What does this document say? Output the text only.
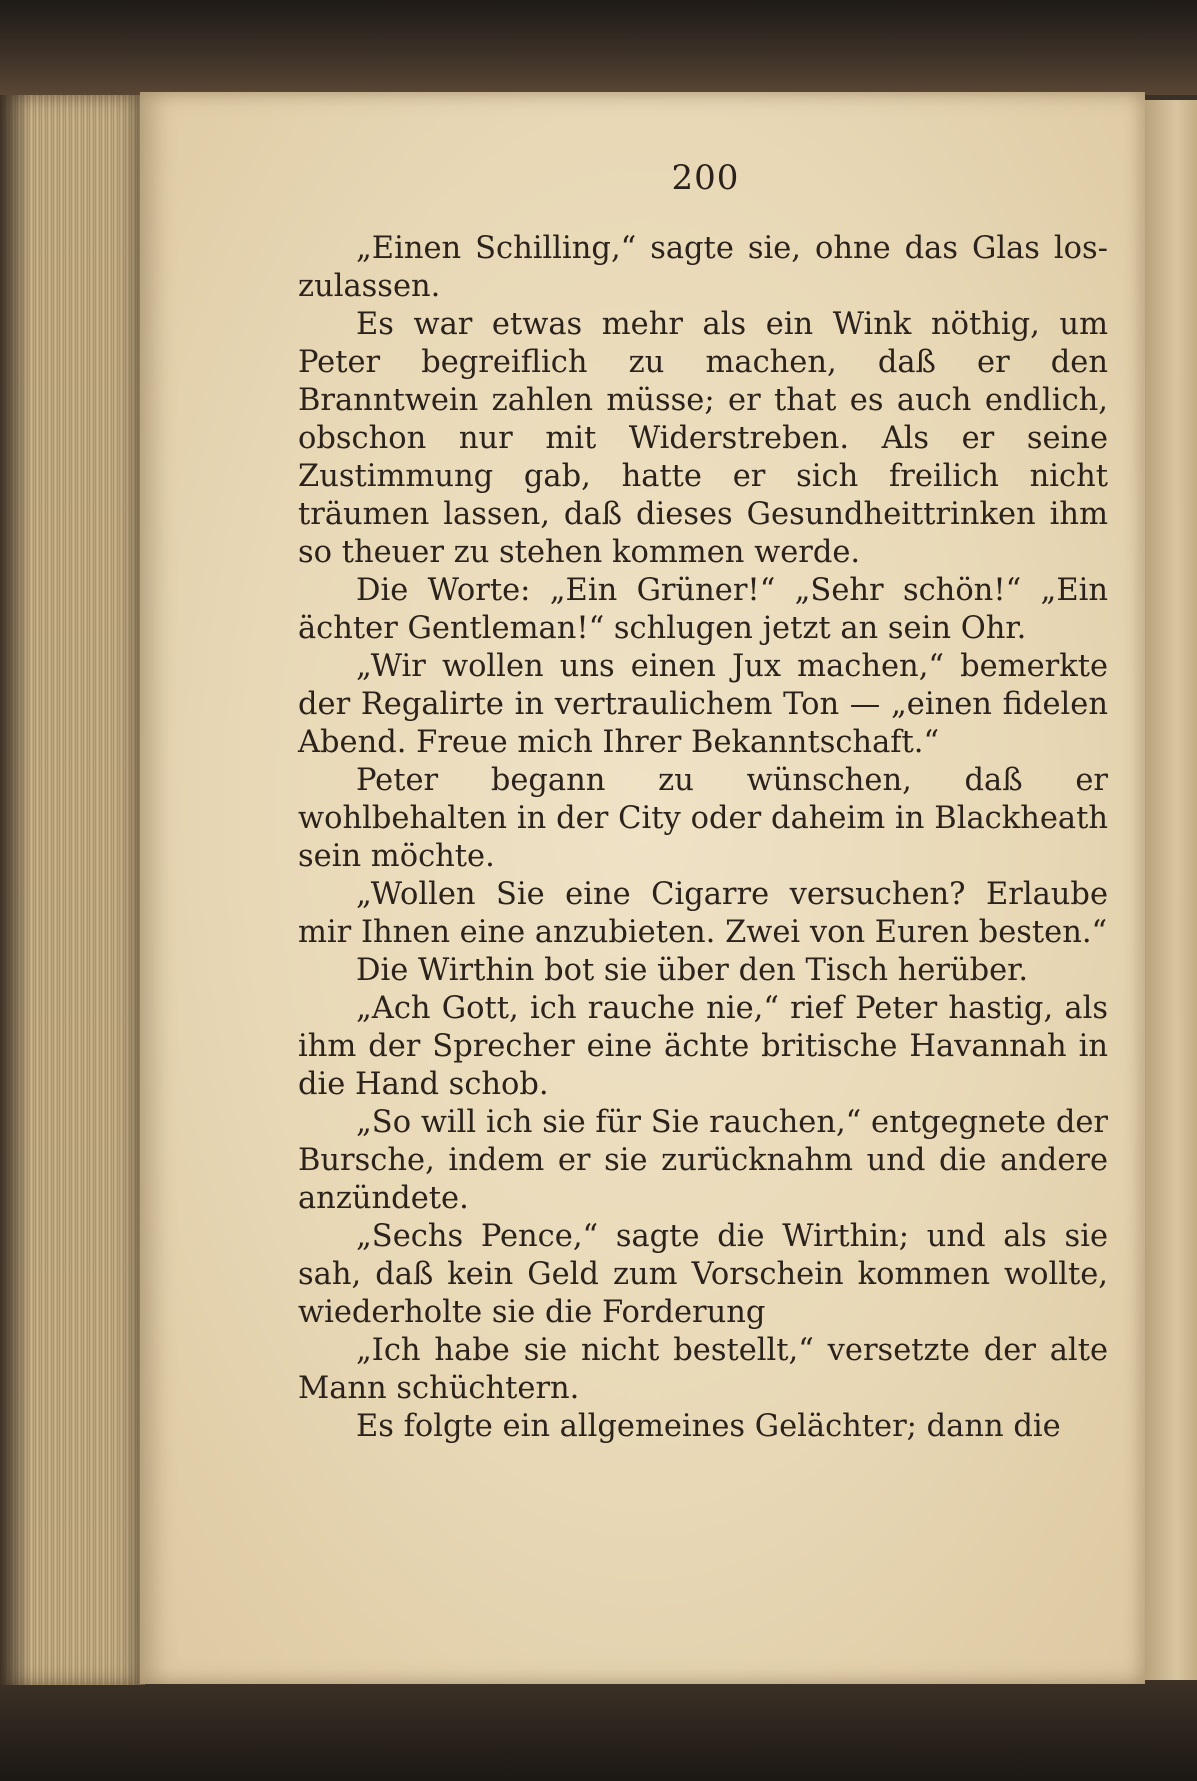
200

„Einen Schilling,“ sagte sie, ohne das Glas los-zulassen.

Es war etwas mehr als ein Wink nöthig, um Peter begreiflich zu machen, daß er den Branntwein zahlen müsse; er that es auch endlich, obschon nur mit Widerstreben. Als er seine Zustimmung gab, hatte er sich freilich nicht träumen lassen, daß dieses Gesundheittrinken ihm so theuer zu stehen kommen werde.

Die Worte: „Ein Grüner!“ „Sehr schön!“ „Ein ächter Gentleman!“ schlugen jetzt an sein Ohr.

„Wir wollen uns einen Jux machen,“ bemerkte der Regalirte in vertraulichem Ton — „einen fidelen Abend. Freue mich Ihrer Bekanntschaft.“

Peter begann zu wünschen, daß er wohlbehalten in der City oder daheim in Blackheath sein möchte.

„Wollen Sie eine Cigarre versuchen? Erlaube mir Ihnen eine anzubieten. Zwei von Euren besten.“

Die Wirthin bot sie über den Tisch herüber.

„Ach Gott, ich rauche nie,“ rief Peter hastig, als ihm der Sprecher eine ächte britische Havannah in die Hand schob.

„So will ich sie für Sie rauchen,“ entgegnete der Bursche, indem er sie zurücknahm und die andere anzündete.

„Sechs Pence,“ sagte die Wirthin; und als sie sah, daß kein Geld zum Vorschein kommen wollte, wiederholte sie die Forderung

„Ich habe sie nicht bestellt,“ versetzte der alte Mann schüchtern.

Es folgte ein allgemeines Gelächter; dann die
